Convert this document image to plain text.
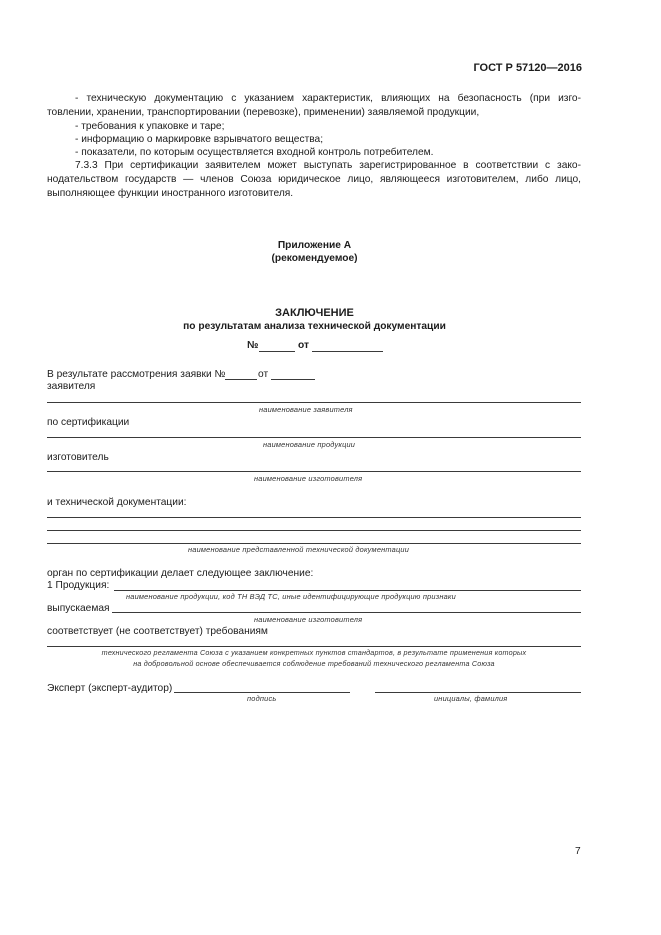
ГОСТ Р 57120—2016
- техническую документацию с указанием характеристик, влияющих на безопасность (при изго-
товлении, хранении, транспортировании (перевозке), применении) заявляемой продукции,
- требования к упаковке и таре;
- информацию о маркировке взрывчатого вещества;
- показатели, по которым осуществляется входной контроль потребителем.
7.3.3 При сертификации заявителем может выступать зарегистрированное в соответствии с зако-
нодательством государств — членов Союза юридическое лицо, являющееся изготовителем, либо лицо,
выполняющее функции иностранного изготовителя.
Приложение А
(рекомендуемое)
ЗАКЛЮЧЕНИЕ
по результатам анализа технической документации
№	от
В результате рассмотрения заявки №	от
заявителя
наименование заявителя
по сертификации
наименование продукции
изготовитель
наименование изготовителя
и технической документации:
наименование представленной технической документации
орган по сертификации делает следующее заключение:
1 Продукция:
наименование продукции, код ТН ВЭД ТС, иные идентифицирующие продукцию признаки
выпускаемая
наименование изготовителя
соответствует (не соответствует) требованиям
технического регламента Союза с указанием конкретных пунктов стандартов, в результате применения которых
на добровольной основе обеспечивается соблюдение требований технического регламента Союза
Эксперт (эксперт-аудитор)
подпись	инициалы, фамилия
7
